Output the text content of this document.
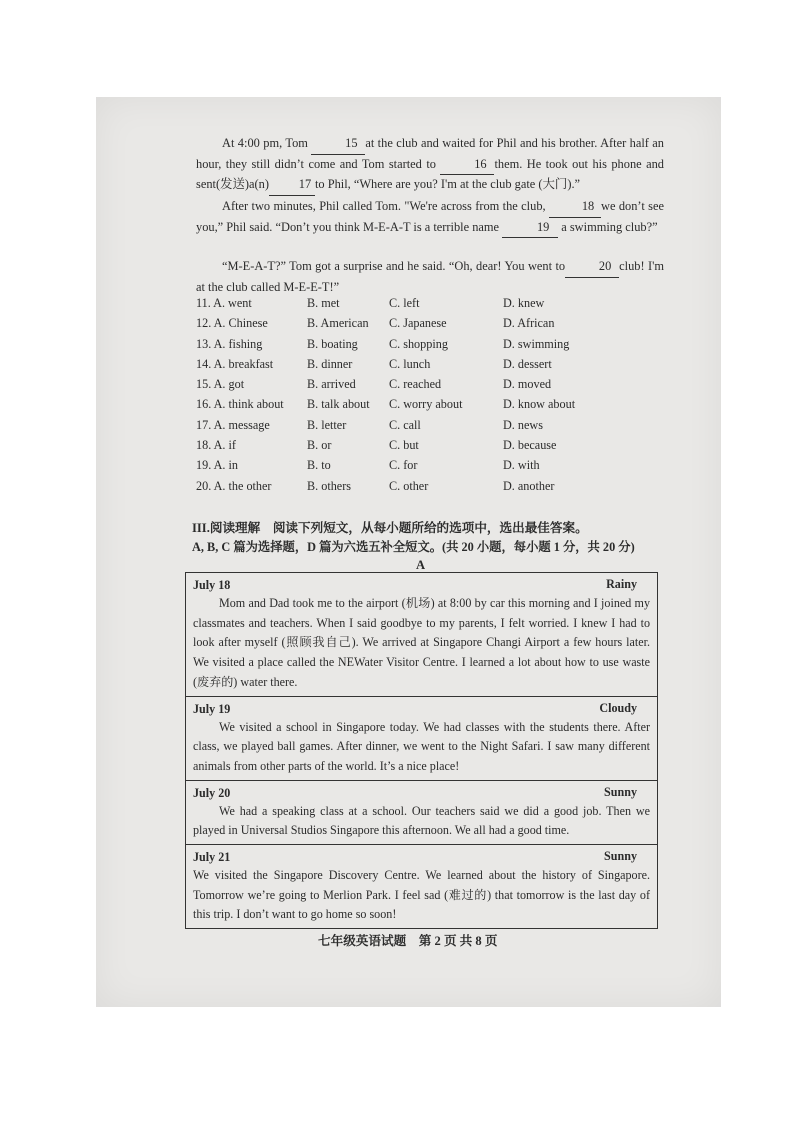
At 4:00 pm, Tom	15 at the club and waited for Phil and his brother. After half an hour, they still didn’t come and Tom started to	16 them. He took out his phone and sent(发送)a(n) 17 to Phil, “Where are you? I'm at the club gate (大门).”
After two minutes, Phil called Tom. "We're across from the club,	18 we don’t see you,” Phil said. “Don’t you think M-E-A-T is a terrible name	19 a swimming club?”
“M-E-A-T?” Tom got a surprise and he said. “Oh, dear! You went to	20 club! I'm at the club called M-E-E-T!”
11. A. went	B. met	C. left	D. knew
12. A. Chinese	B. American C. Japanese	D. African
13. A. fishing	B. boating	C. shopping	D. swimming
14. A. breakfast	B. dinner	C. lunch	D. dessert
15. A. got	B. arrived	C. reached	D. moved
16. A. think about B. talk about C. worry about	D. know about
17. A. message	B. letter	C. call	D. news
18. A. if	B. or	C. but	D. because
19. A. in	B. to	C. for	D. with
20. A. the other	B. others	C. other	D. another
III.阅读理解　阅读下列短文，从每小题所给的选项中，选出最佳答案。
A, B, C 篇为选择题，D 篇为六选五补全短文。(共 20 小题，每小题 1 分，共 20 分)
A
July 18	Rainy
Mom and Dad took me to the airport (机场) at 8:00 by car this morning and I joined my classmates and teachers. When I said goodbye to my parents, I felt worried. I knew I had to look after myself (照顾我自己). We arrived at Singapore Changi Airport a few hours later. We visited a place called the NEWater Visitor Centre. I learned a lot about how to use waste (废弃的) water there.
July 19	Cloudy
We visited a school in Singapore today. We had classes with the students there. After class, we played ball games. After dinner, we went to the Night Safari. I saw many different animals from other parts of the world. It’s a nice place!
July 20	Sunny
We had a speaking class at a school. Our teachers said we did a good job. Then we played in Universal Studios Singapore this afternoon. We all had a good time.
July 21	Sunny
We visited the Singapore Discovery Centre. We learned about the history of Singapore. Tomorrow we’re going to Merlion Park. I feel sad (难过的) that tomorrow is the last day of this trip. I don’t want to go home so soon!
七年级英语试题　第 2 页 共 8 页
